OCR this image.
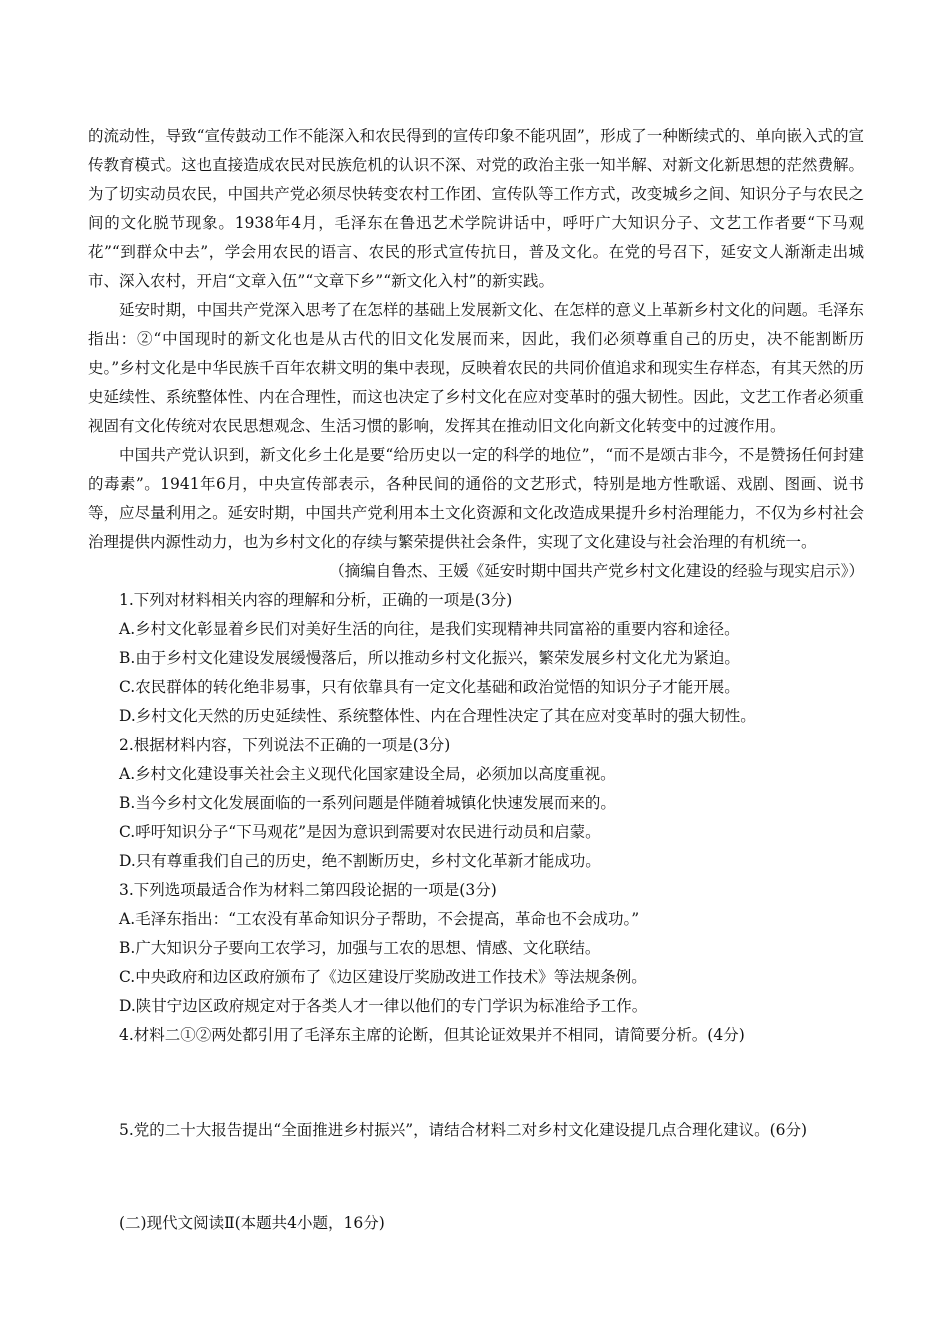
的流动性，导致“宣传鼓动工作不能深入和农民得到的宣传印象不能巩固”，形成了一种断续式的、单向嵌入式的宣传教育模式。这也直接造成农民对民族危机的认识不深、对党的政治主张一知半解、对新文化新思想的茫然费解。为了切实动员农民，中国共产党必须尽快转变农村工作团、宣传队等工作方式，改变城乡之间、知识分子与农民之间的文化脱节现象。1938年4月，毛泽东在鲁迅艺术学院讲话中，呼吁广大知识分子、文艺工作者要“下马观花”“到群众中去”，学会用农民的语言、农民的形式宣传抗日，普及文化。在党的号召下，延安文人渐渐走出城市、深入农村，开启“文章入伍”“文章下乡”“新文化入村”的新实践。

延安时期，中国共产党深入思考了在怎样的基础上发展新文化、在怎样的意义上革新乡村文化的问题。毛泽东指出：②“中国现时的新文化也是从古代的旧文化发展而来，因此，我们必须尊重自己的历史，决不能割断历史。”乡村文化是中华民族千百年农耕文明的集中表现，反映着农民的共同价值追求和现实生存样态，有其天然的历史延续性、系统整体性、内在合理性，而这也决定了乡村文化在应对变革时的强大韧性。因此，文艺工作者必须重视固有文化传统对农民思想观念、生活习惯的影响，发挥其在推动旧文化向新文化转变中的过渡作用。

中国共产党认识到，新文化乡土化是要“给历史以一定的科学的地位”，“而不是颂古非今，不是赞扬任何封建的毒素”。1941年6月，中央宣传部表示，各种民间的通俗的文艺形式，特别是地方性歌谣、戏剧、图画、说书等，应尽量利用之。延安时期，中国共产党利用本土文化资源和文化改造成果提升乡村治理能力，不仅为乡村社会治理提供内源性动力，也为乡村文化的存续与繁荣提供社会条件，实现了文化建设与社会治理的有机统一。

（摘编自鲁杰、王媛《延安时期中国共产党乡村文化建设的经验与现实启示》）

1.下列对材料相关内容的理解和分析，正确的一项是(3分)

A.乡村文化彰显着乡民们对美好生活的向往，是我们实现精神共同富裕的重要内容和途径。

B.由于乡村文化建设发展缓慢落后，所以推动乡村文化振兴，繁荣发展乡村文化尤为紧迫。

C.农民群体的转化绝非易事，只有依靠具有一定文化基础和政治觉悟的知识分子才能开展。

D.乡村文化天然的历史延续性、系统整体性、内在合理性决定了其在应对变革时的强大韧性。

2.根据材料内容，下列说法不正确的一项是(3分)

A.乡村文化建设事关社会主义现代化国家建设全局，必须加以高度重视。

B.当今乡村文化发展面临的一系列问题是伴随着城镇化快速发展而来的。

C.呼吁知识分子“下马观花”是因为意识到需要对农民进行动员和启蒙。

D.只有尊重我们自己的历史，绝不割断历史，乡村文化革新才能成功。

3.下列选项最适合作为材料二第四段论据的一项是(3分)

A.毛泽东指出：“工农没有革命知识分子帮助，不会提高，革命也不会成功。”

B.广大知识分子要向工农学习，加强与工农的思想、情感、文化联结。

C.中央政府和边区政府颁布了《边区建设厅奖励改进工作技术》等法规条例。

D.陕甘宁边区政府规定对于各类人才一律以他们的专门学识为标准给予工作。

4.材料二①②两处都引用了毛泽东主席的论断，但其论证效果并不相同，请简要分析。(4分)

5.党的二十大报告提出“全面推进乡村振兴”，请结合材料二对乡村文化建设提几点合理化建议。(6分)

(二)现代文阅读Ⅱ(本题共4小题，16分)
